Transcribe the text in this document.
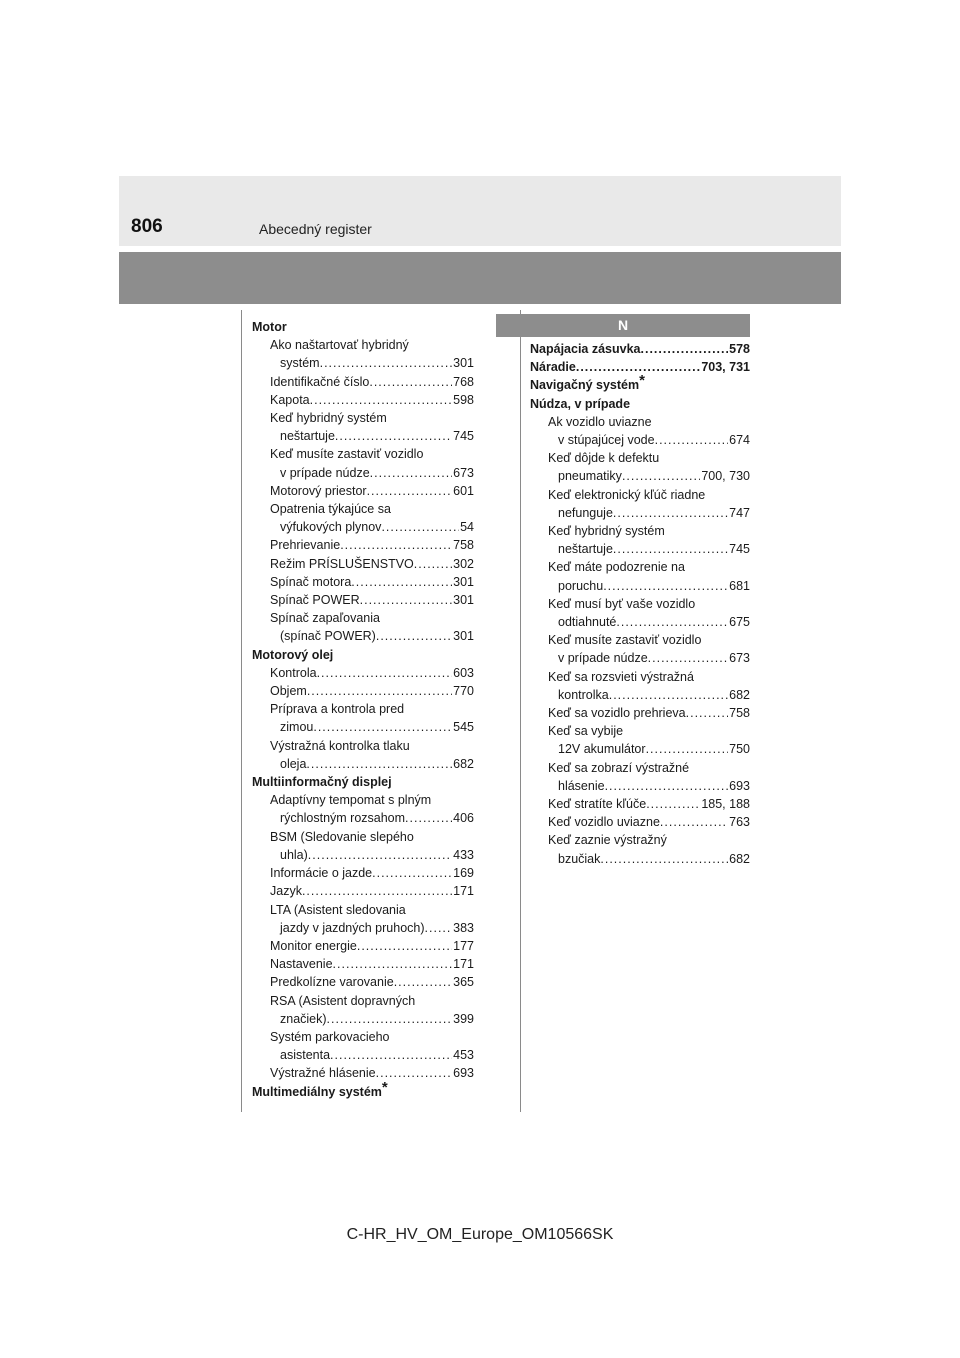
806	Abecedný register
Motor
Ako naštartovať hybridný
systém .....	301
Identifikačné číslo .....	768
Kapota .....	598
Keď hybridný systém
neštartuje .....	745
Keď musíte zastaviť vozidlo
v prípade núdze .....	673
Motorový priestor .....	601
Opatrenia týkajúce sa
výfukových plynov .....	54
Prehrievanie .....	758
Režim PRÍSLUŠENSTVO .....	302
Spínač motora .....	301
Spínač POWER .....	301
Spínač zapaľovania
(spínač POWER) .....	301
Motorový olej
Kontrola .....	603
Objem .....	770
Príprava a kontrola pred
zimou .....	545
Výstražná kontrolka tlaku
oleja .....	682
Multiinformačný displej
Adaptívny tempomat s plným
rýchlostným rozsahom .....	406
BSM (Sledovanie slepého
uhla) .....	433
Informácie o jazde .....	169
Jazyk .....	171
LTA (Asistent sledovania
jazdy v jazdných pruhoch) ..... 383
Monitor energie .....	177
Nastavenie .....	171
Predkolízne varovanie .....	365
RSA (Asistent dopravných
značiek) .....	399
Systém parkovacieho
asistenta .....	453
Výstražné hlásenie .....	693
Multimediálny systém*
N
Napájacia zásuvka .....	578
Náradie .....	703, 731
Navigačný systém*
Núdza, v prípade
Ak vozidlo uviazne
v stúpajúcej vode .....	674
Keď dôjde k defektu
pneumatiky .....	700, 730
Keď elektronický kľúč riadne
nefunguje .....	747
Keď hybridný systém
neštartuje .....	745
Keď máte podozrenie na
poruchu .....	681
Keď musí byť vaše vozidlo
odtiahnuté .....	675
Keď musíte zastaviť vozidlo
v prípade núdze .....	673
Keď sa rozsvieti výstražná
kontrolka .....	682
Keď sa vozidlo prehrieva .....	758
Keď sa vybije
12V akumulátor .....	750
Keď sa zobrazí výstražné
hlásenie .....	693
Keď stratíte kľúče .....	185, 188
Keď vozidlo uviazne .....	763
Keď zaznie výstražný
bzučiak .....	682
C-HR_HV_OM_Europe_OM10566SK
